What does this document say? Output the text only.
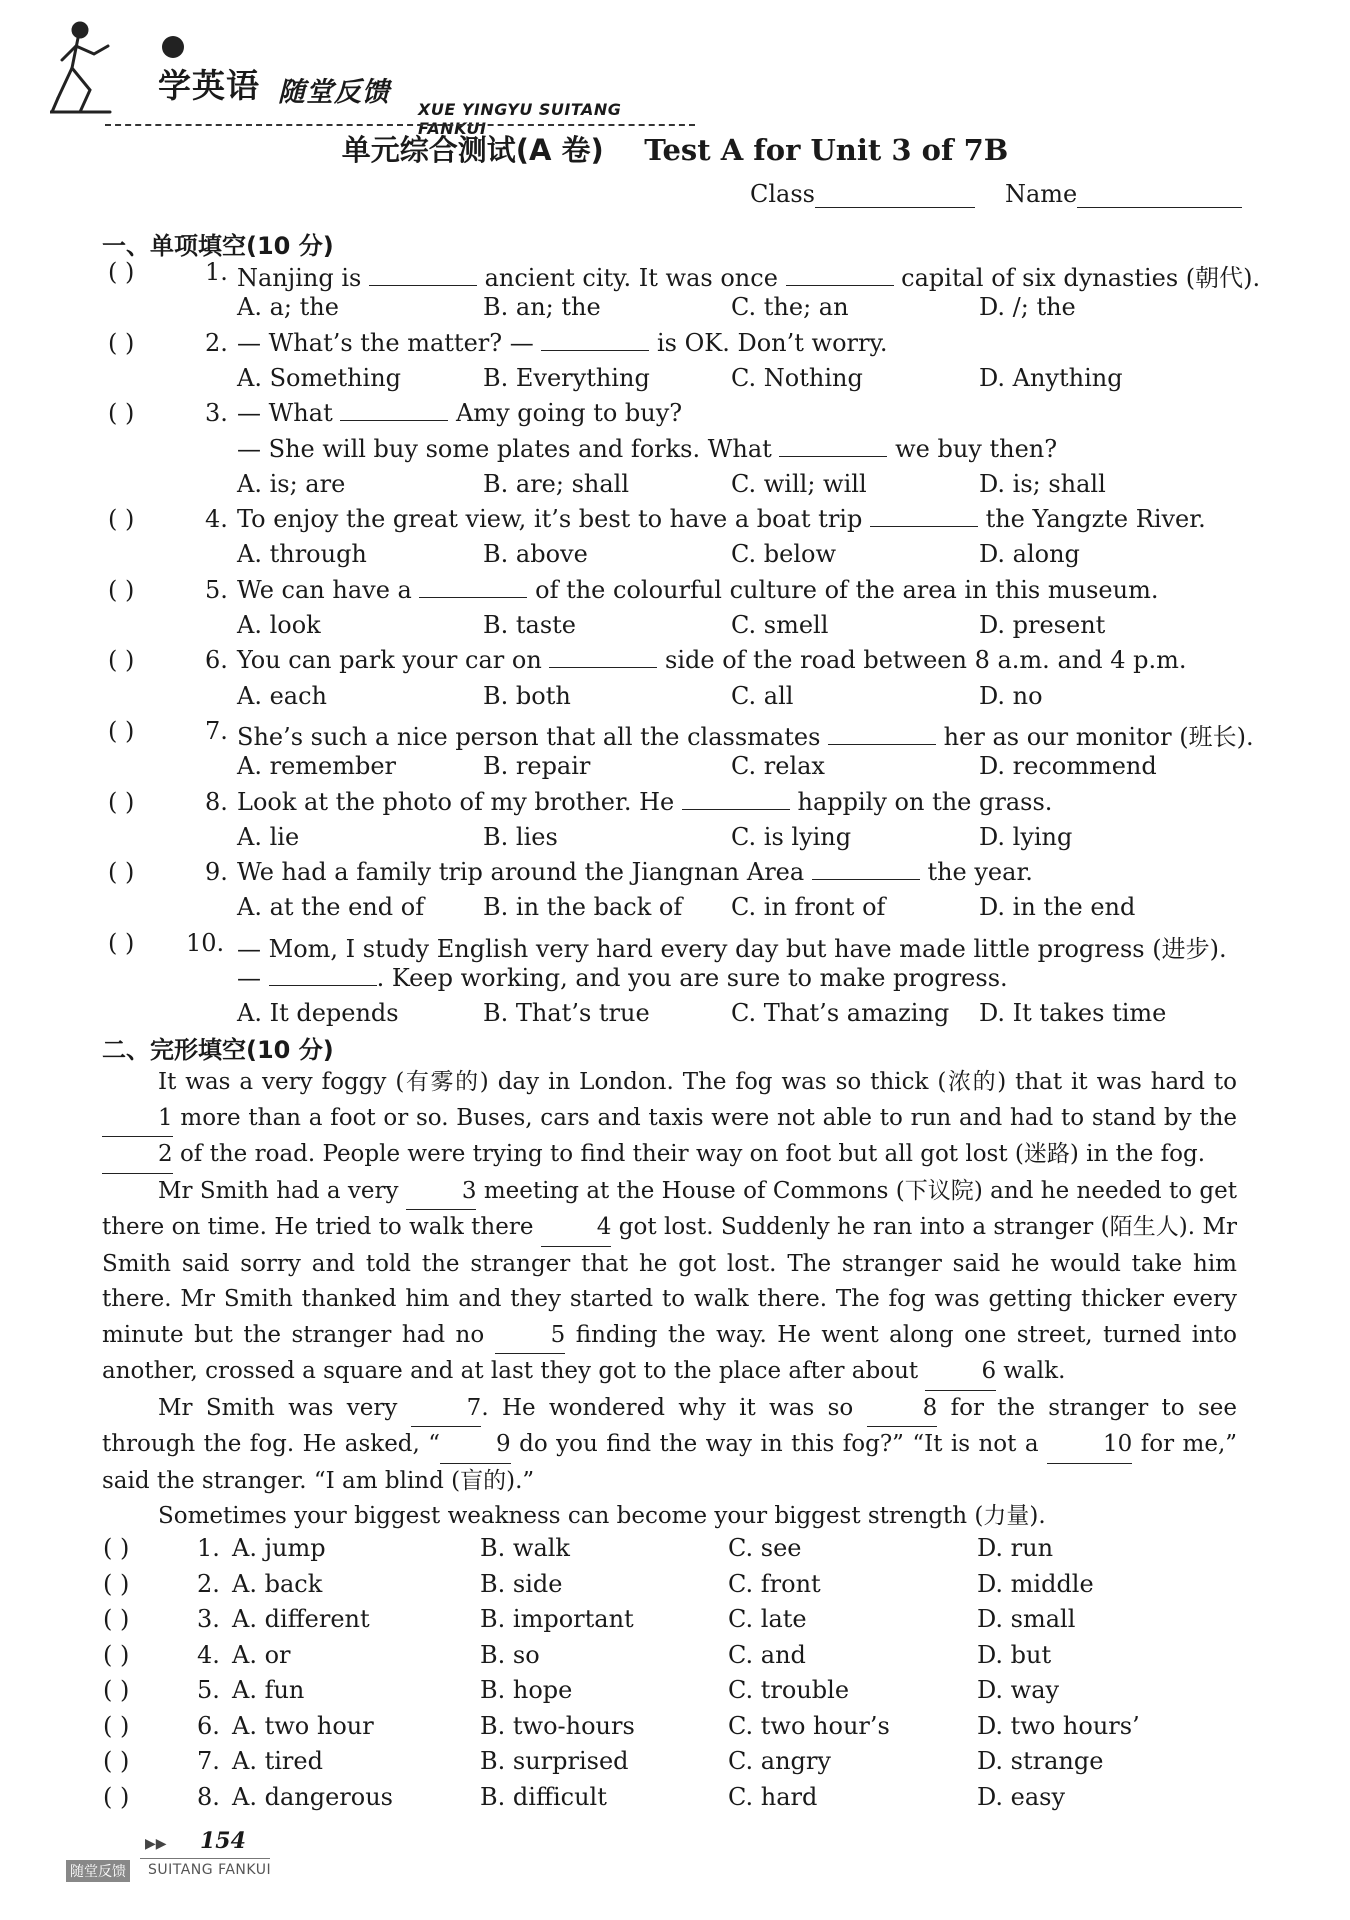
学英语 随堂反馈
XUE YINGYU SUITANG FANKUI
单元综合测试(A 卷) Test A for Unit 3 of 7B
Class	Name
一、单项填空(10 分)
( )	1. Nanjing is	ancient city. It was once	capital of six dynasties (朝代).
A. a; the	B. an; the	C. the; an	D. /; the
( )	2. — What’s the matter? —	is OK. Don’t worry.
A. Something	B. Everything	C. Nothing	D. Anything
( )	3. — What	Amy going to buy?
— She will buy some plates and forks. What	we buy then?
A. is; are	B. are; shall	C. will; will	D. is; shall
( )	4. To enjoy the great view, it’s best to have a boat trip	the Yangzte River.
A. through	B. above	C. below	D. along
( )	5. We can have a	of the colourful culture of the area in this museum.
A. look	B. taste	C. smell	D. present
( )	6. You can park your car on	side of the road between 8 a.m. and 4 p.m.
A. each	B. both	C. all	D. no
( )	7. She’s such a nice person that all the classmates	her as our monitor (班长).
A. remember	B. repair	C. relax	D. recommend
( )	8. Look at the photo of my brother. He	happily on the grass.
A. lie	B. lies	C. is lying	D. lying
( )	9. We had a family trip around the Jiangnan Area	the year.
A. at the end of B. in the back of C. in front of	D. in the end
( ) 10. — Mom, I study English very hard every day but have made little progress (进步).
—	. Keep working, and you are sure to make progress.
A. It depends	B. That’s true	C. That’s amazing D. It takes time
二、完形填空(10 分)

It was a very foggy (有雾的) day in London. The fog was so thick (浓的) that it was hard to 1 more than a foot or so. Buses, cars and taxis were not able to run and had to stand by the 2 of the road. People were trying to find their way on foot but all got lost (迷路) in the fog.

Mr Smith had a very 3 meeting at the House of Commons (下议院) and he needed to get there on time. He tried to walk there 4 got lost. Suddenly he ran into a stranger (陌生人). Mr Smith said sorry and told the stranger that he got lost. The stranger said he would take him there. Mr Smith thanked him and they started to walk there. The fog was getting thicker every minute but the stranger had no 5 finding the way. He went along one street, turned into another, crossed a square and at last they got to the place after about 6 walk.

Mr Smith was very 7. He wondered why it was so 8 for the stranger to see through the fog. He asked, “ 9 do you find the way in this fog?” “It is not a 10 for me,” said the stranger. “I am blind (盲的).”

Sometimes your biggest weakness can become your biggest strength (力量).

( )	1. A. jump	B. walk	C. see	D. run
( )	2. A. back	B. side	C. front	D. middle
( )	3. A. different	B. important	C. late	D. small
( )	4. A. or	B. so	C. and	D. but
( )	5. A. fun	B. hope	C. trouble	D. way
( )	6. A. two hour	B. two-hours	C. two hour’s	D. two hours’
( )	7. A. tired	B. surprised	C. angry	D. strange
( )	8. A. dangerous	B. difficult	C. hard	D. easy
▶▶ 154
随堂反馈 SUITANG FANKUI
